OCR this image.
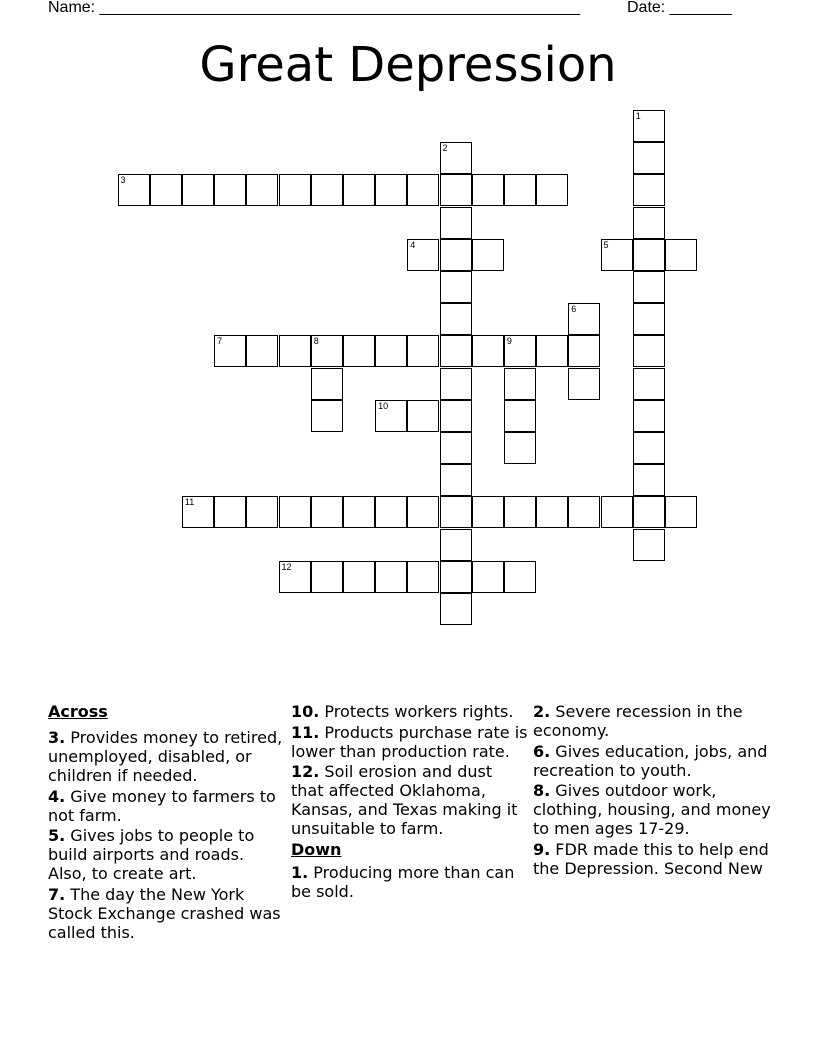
Name: ______________________________________________________	Date: _______
Great Depression
1
2
3
4	5
6
7	8	9
10
11
12
Across
3. Provides money to retired, unemployed, disabled, or children if needed.
4. Give money to farmers to not farm.
5. Gives jobs to people to build airports and roads. Also, to create art.
7. The day the New York Stock Exchange crashed was called this.
10. Protects workers rights.
11. Products purchase rate is lower than production rate.
12. Soil erosion and dust that affected Oklahoma, Kansas, and Texas making it unsuitable to farm.
Down
1. Producing more than can be sold.
2. Severe recession in the economy.
6. Gives education, jobs, and recreation to youth.
8. Gives outdoor work, clothing, housing, and money to men ages 17-29.
9. FDR made this to help end the Depression. Second New
